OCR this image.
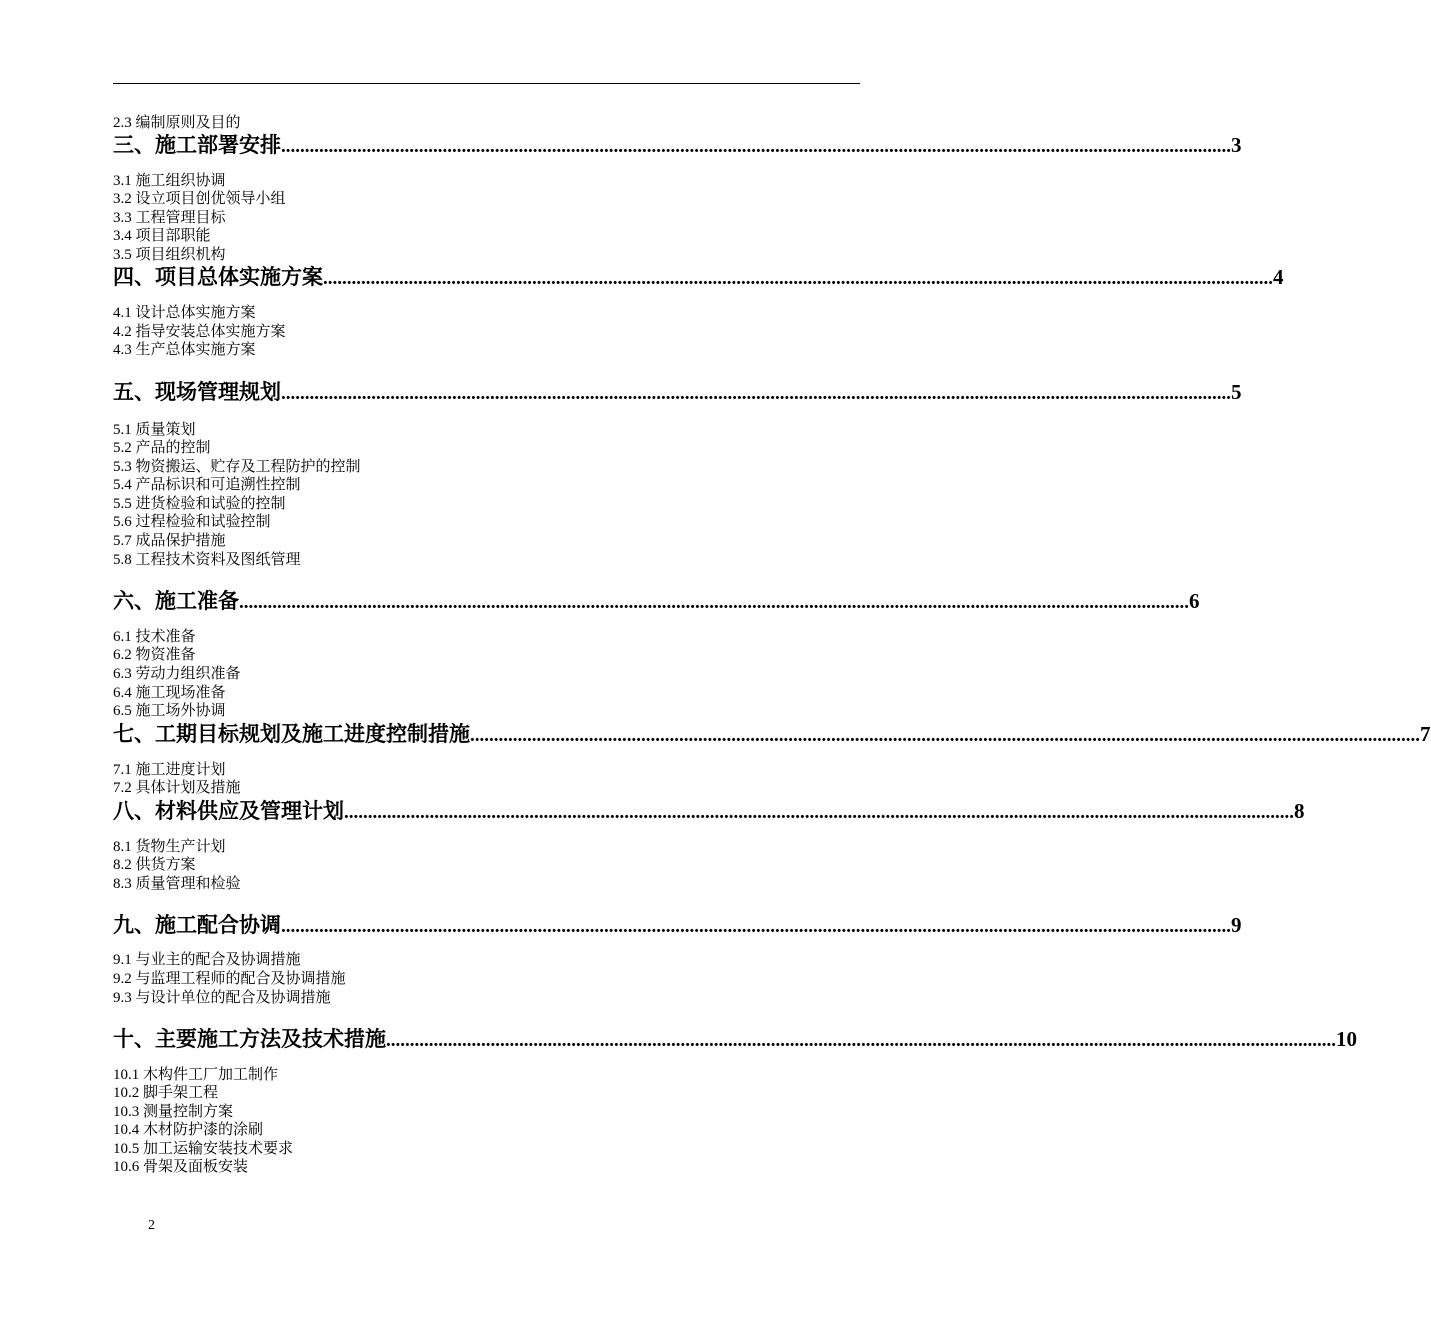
2.3 编制原则及目的
三、施工部署安排 ........................................................................................................................................................................................................ 3
3.1 施工组织协调
3.2 设立项目创优领导小组
3.3 工程管理目标
3.4 项目部职能
3.5 项目组织机构
四、项目总体实施方案 ........................................................................................................................................................................................................ 4
4.1 设计总体实施方案
4.2 指导安装总体实施方案
4.3 生产总体实施方案
五、现场管理规划 ........................................................................................................................................................................................................ 5
5.1 质量策划
5.2 产品的控制
5.3 物资搬运、贮存及工程防护的控制
5.4 产品标识和可追溯性控制
5.5 进货检验和试验的控制
5.6 过程检验和试验控制
5.7 成品保护措施
5.8 工程技术资料及图纸管理
六、施工准备 ........................................................................................................................................................................................................ 6
6.1 技术准备
6.2 物资准备
6.3 劳动力组织准备
6.4 施工现场准备
6.5 施工场外协调
七、工期目标规划及施工进度控制措施 ........................................................................................................................................................................................................ 7
7.1 施工进度计划
7.2 具体计划及措施
八、材料供应及管理计划 ........................................................................................................................................................................................................ 8
8.1 货物生产计划
8.2 供货方案
8.3 质量管理和检验
九、施工配合协调 ........................................................................................................................................................................................................ 9
9.1 与业主的配合及协调措施
9.2 与监理工程师的配合及协调措施
9.3 与设计单位的配合及协调措施
十、主要施工方法及技术措施 ........................................................................................................................................................................................................ 10
10.1 木构件工厂加工制作
10.2 脚手架工程
10.3 测量控制方案
10.4 木材防护漆的涂刷
10.5 加工运输安装技术要求
10.6 骨架及面板安装
2
